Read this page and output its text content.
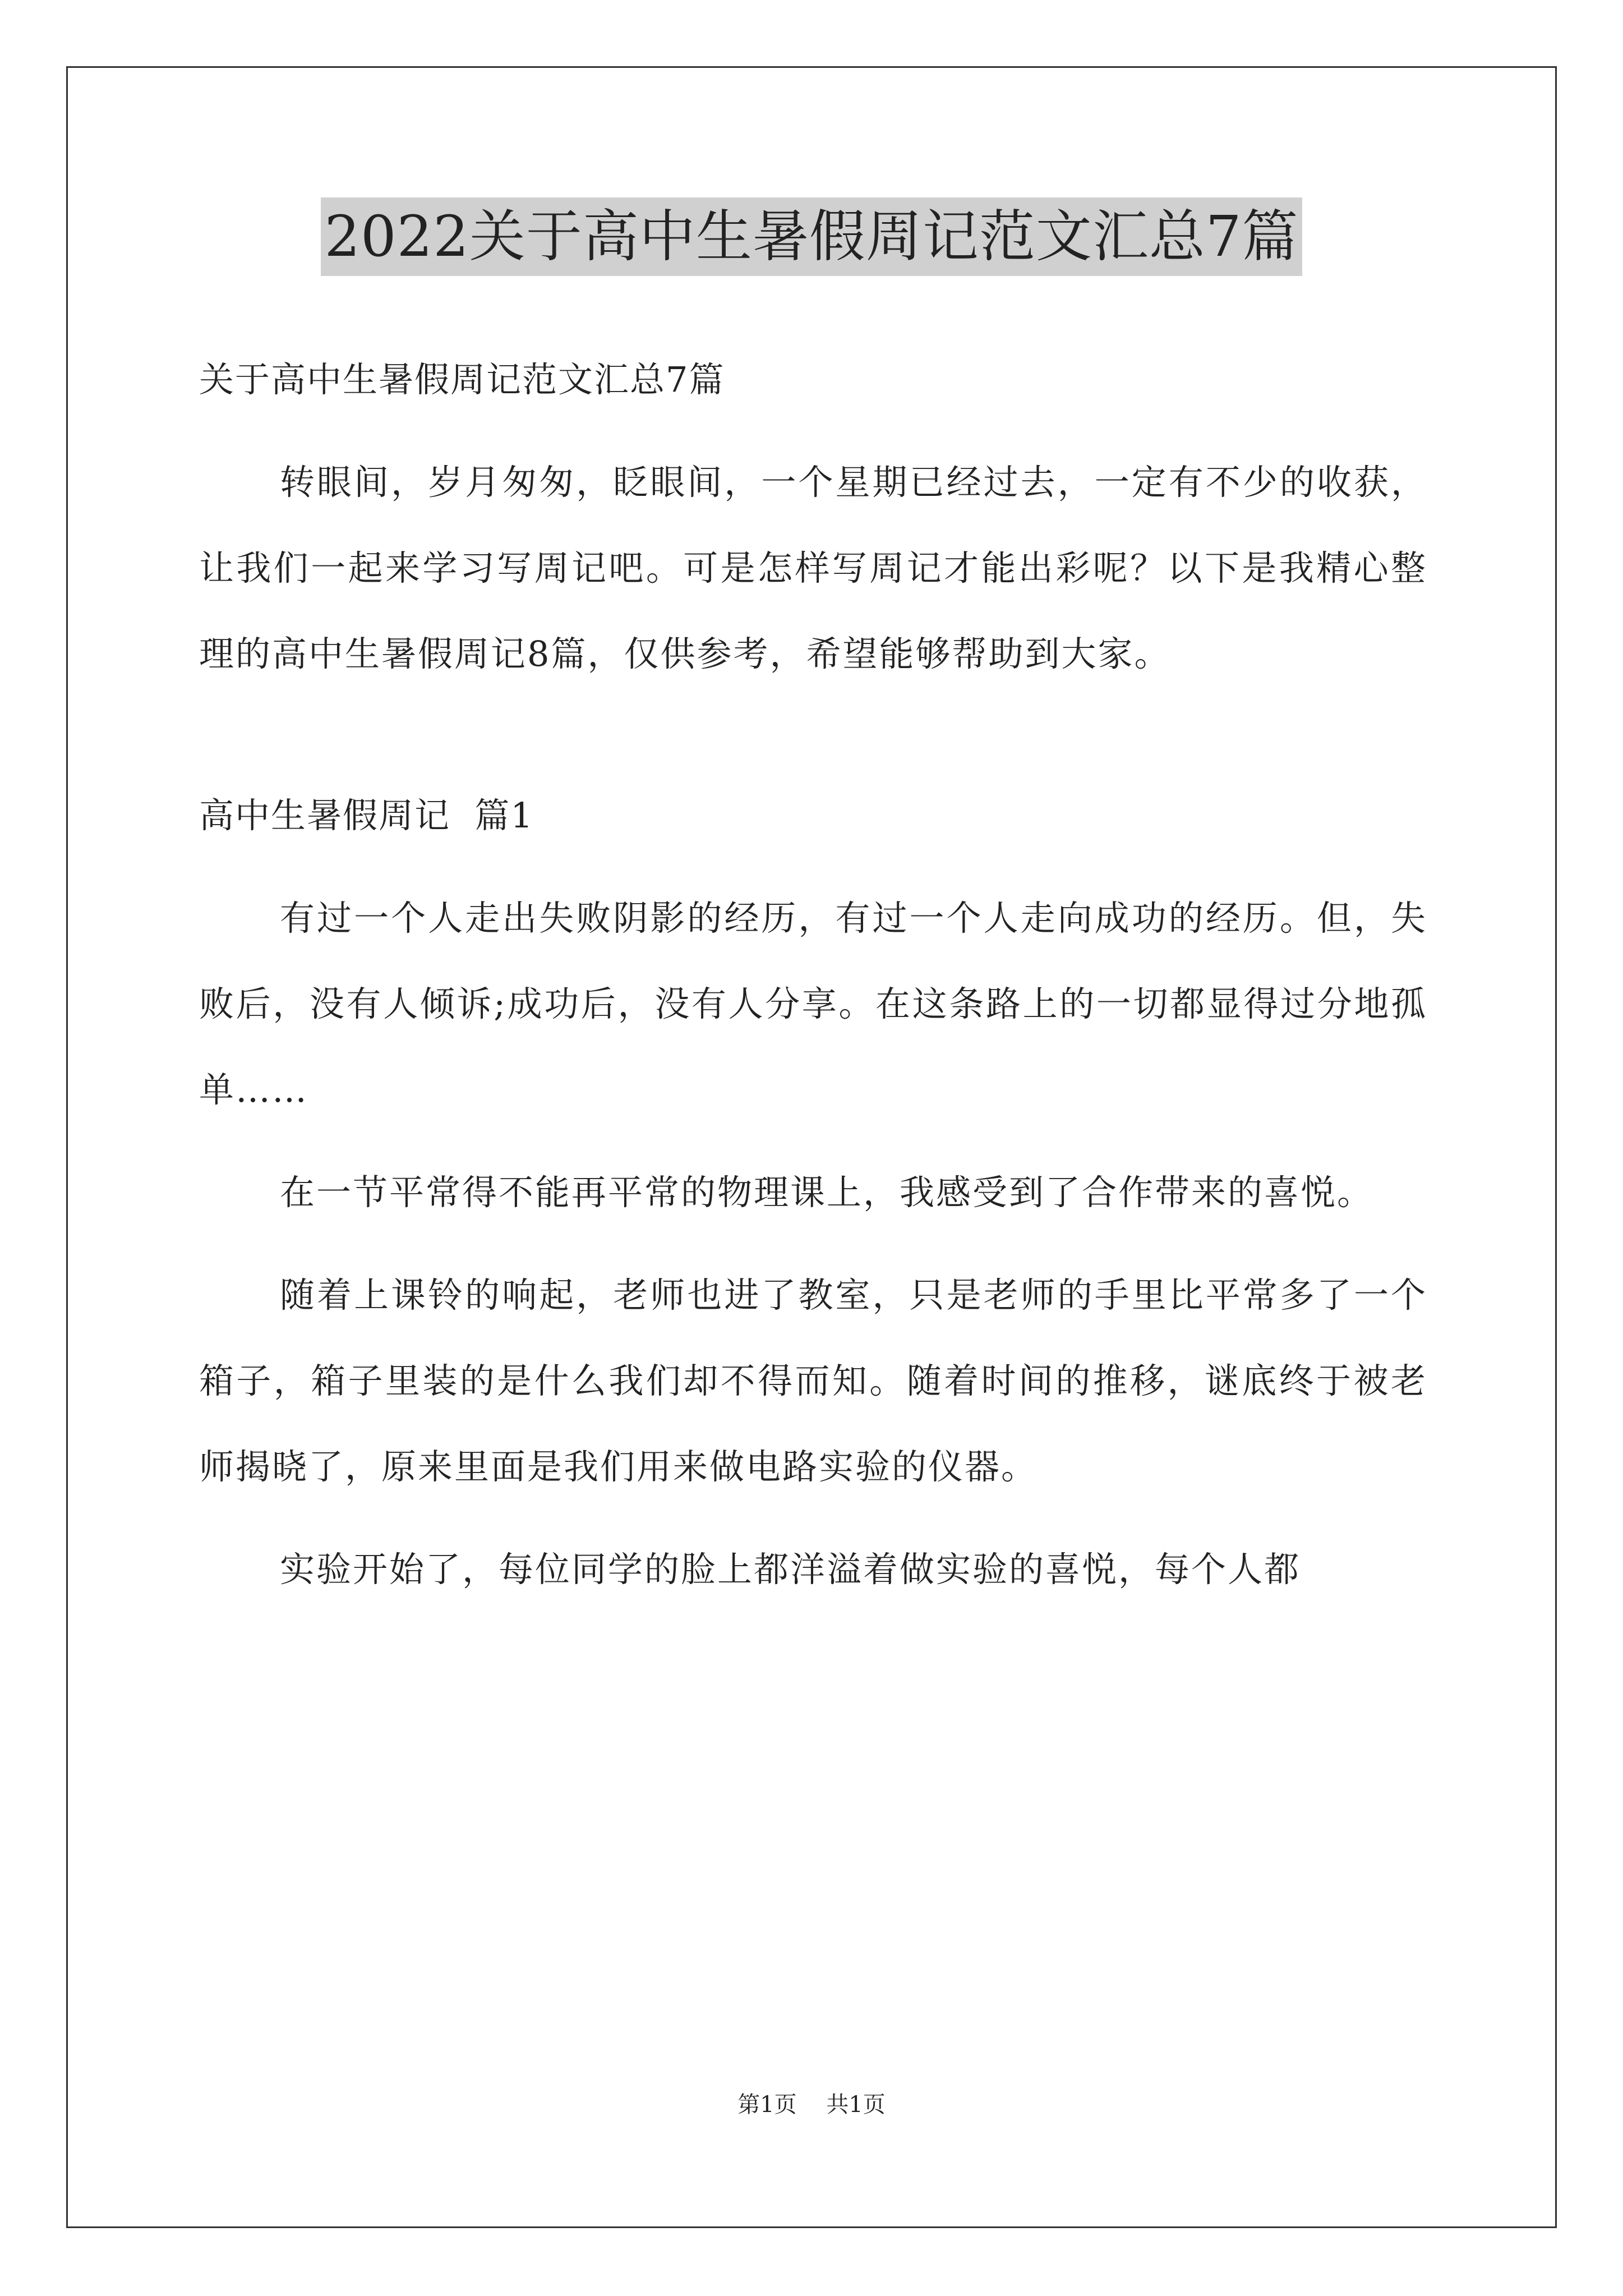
2022关于高中生暑假周记范文汇总7篇

关于高中生暑假周记范文汇总7篇

转眼间，岁月匆匆，眨眼间，一个星期已经过去，一定有不少的收获，让我们一起来学习写周记吧。可是怎样写周记才能出彩呢？以下是我精心整理的高中生暑假周记8篇，仅供参考，希望能够帮助到大家。

高中生暑假周记  篇1

有过一个人走出失败阴影的经历，有过一个人走向成功的经历。但，失败后，没有人倾诉;成功后，没有人分享。在这条路上的一切都显得过分地孤单……

在一节平常得不能再平常的物理课上，我感受到了合作带来的喜悦。

随着上课铃的响起，老师也进了教室，只是老师的手里比平常多了一个箱子，箱子里装的是什么我们却不得而知。随着时间的推移，谜底终于被老师揭晓了，原来里面是我们用来做电路实验的仪器。

实验开始了，每位同学的脸上都洋溢着做实验的喜悦，每个人都

第1页 共1页
